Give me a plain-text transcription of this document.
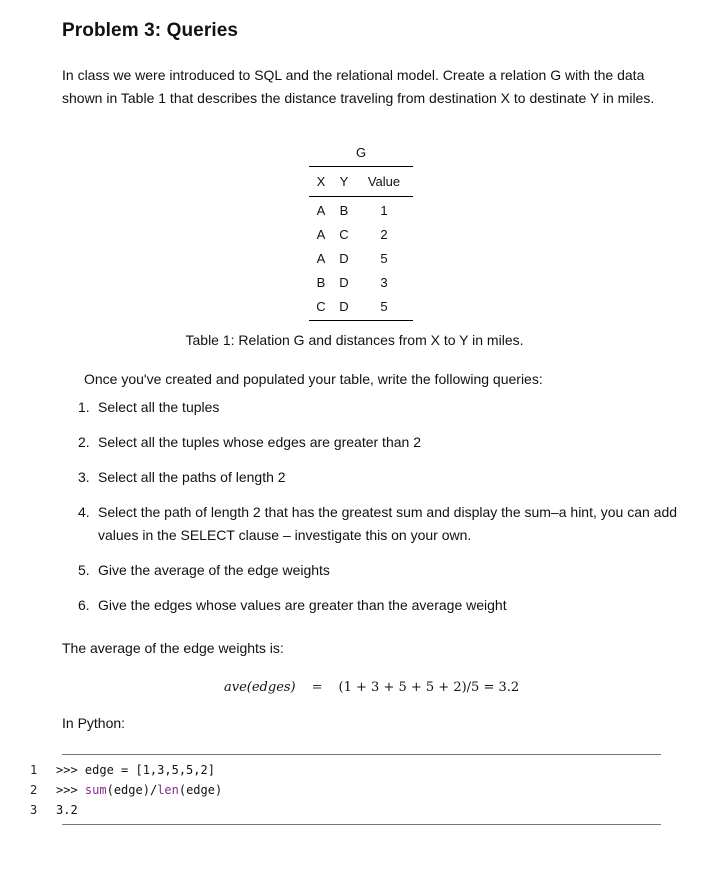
Problem 3: Queries
In class we were introduced to SQL and the relational model. Create a relation G with the data shown in Table 1 that describes the distance traveling from destination X to destinate Y in miles.
G
X	Y	Value
A	B	1
A	C	2
A	D	5
B	D	3
C	D	5
Table 1: Relation G and distances from X to Y in miles.
Once you've created and populated your table, write the following queries:
1. Select all the tuples
2. Select all the tuples whose edges are greater than 2
3. Select all the paths of length 2
4. Select the path of length 2 that has the greatest sum and display the sum–a hint, you can add values in the SELECT clause – investigate this on your own.
5. Give the average of the edge weights
6. Give the edges whose values are greater than the average weight
The average of the edge weights is:
ave(edges) = (1 + 3 + 5 + 5 + 2)/5 = 3.2
In Python:
1	>>> edge = [1,3,5,5,2]
2	>>> sum (edge)/ len (edge)
3	3.2
